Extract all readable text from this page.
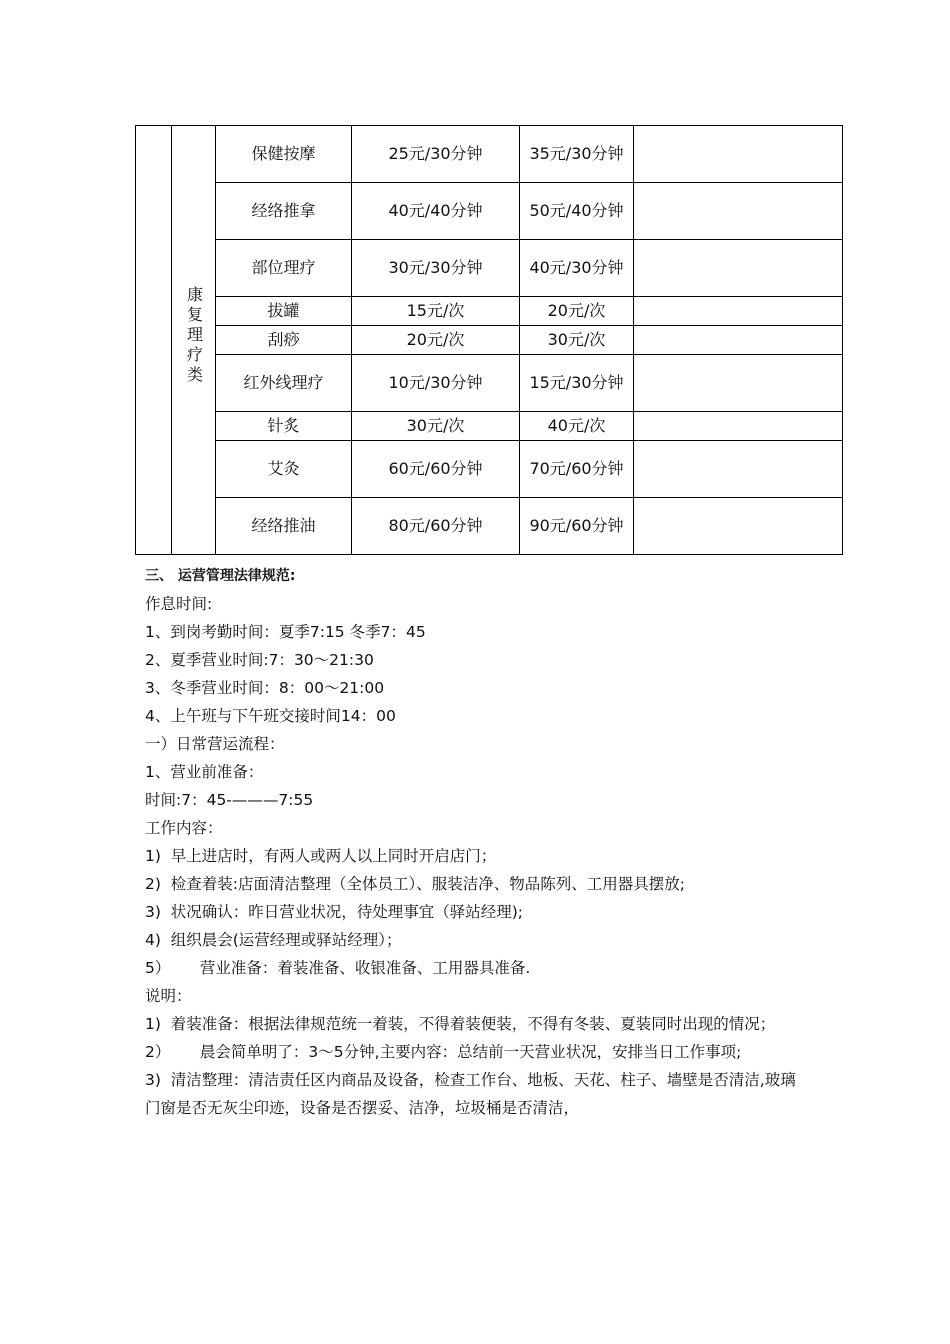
	康复理疗类	保健按摩	25元/30分钟	35元/30分钟	
		经络推拿	40元/40分钟	50元/40分钟	
		部位理疗	30元/30分钟	40元/30分钟	
		拔罐	15元/次	20元/次	
		刮痧	20元/次	30元/次	
		红外线理疗	10元/30分钟	15元/30分钟	
		针炙	30元/次	40元/次	
		艾灸	60元/60分钟	70元/60分钟	
		经络推油	80元/60分钟	90元/60分钟	

三、 运营管理法律规范:

作息时间:

1、到岗考勤时间：夏季7:15 冬季7：45

2、夏季营业时间:7：30～21:30

3、冬季营业时间：8：00～21:00

4、上午班与下午班交接时间14：00

一）日常营运流程：

1、营业前准备：

时间:7：45-———7:55

工作内容：

1)  早上进店时，有两人或两人以上同时开启店门；

2)  检查着装:店面清洁整理（全体员工）、服装洁净、物品陈列、工用器具摆放;

3)  状况确认：昨日营业状况，待处理事宜（驿站经理);

4)  组织晨会(运营经理或驿站经理）；

5）      营业准备：着装准备、收银准备、工用器具准备.

说明：

1)  着装准备：根据法律规范统一着装，不得着装便装，不得有冬装、夏装同时出现的情况；

2）      晨会简单明了：3～5分钟,主要内容：总结前一天营业状况，安排当日工作事项;

3)  清洁整理：清洁责任区内商品及设备，检查工作台、地板、天花、柱子、墙壁是否清洁,玻璃门窗是否无灰尘印迹，设备是否摆妥、洁净，垃圾桶是否清洁，
